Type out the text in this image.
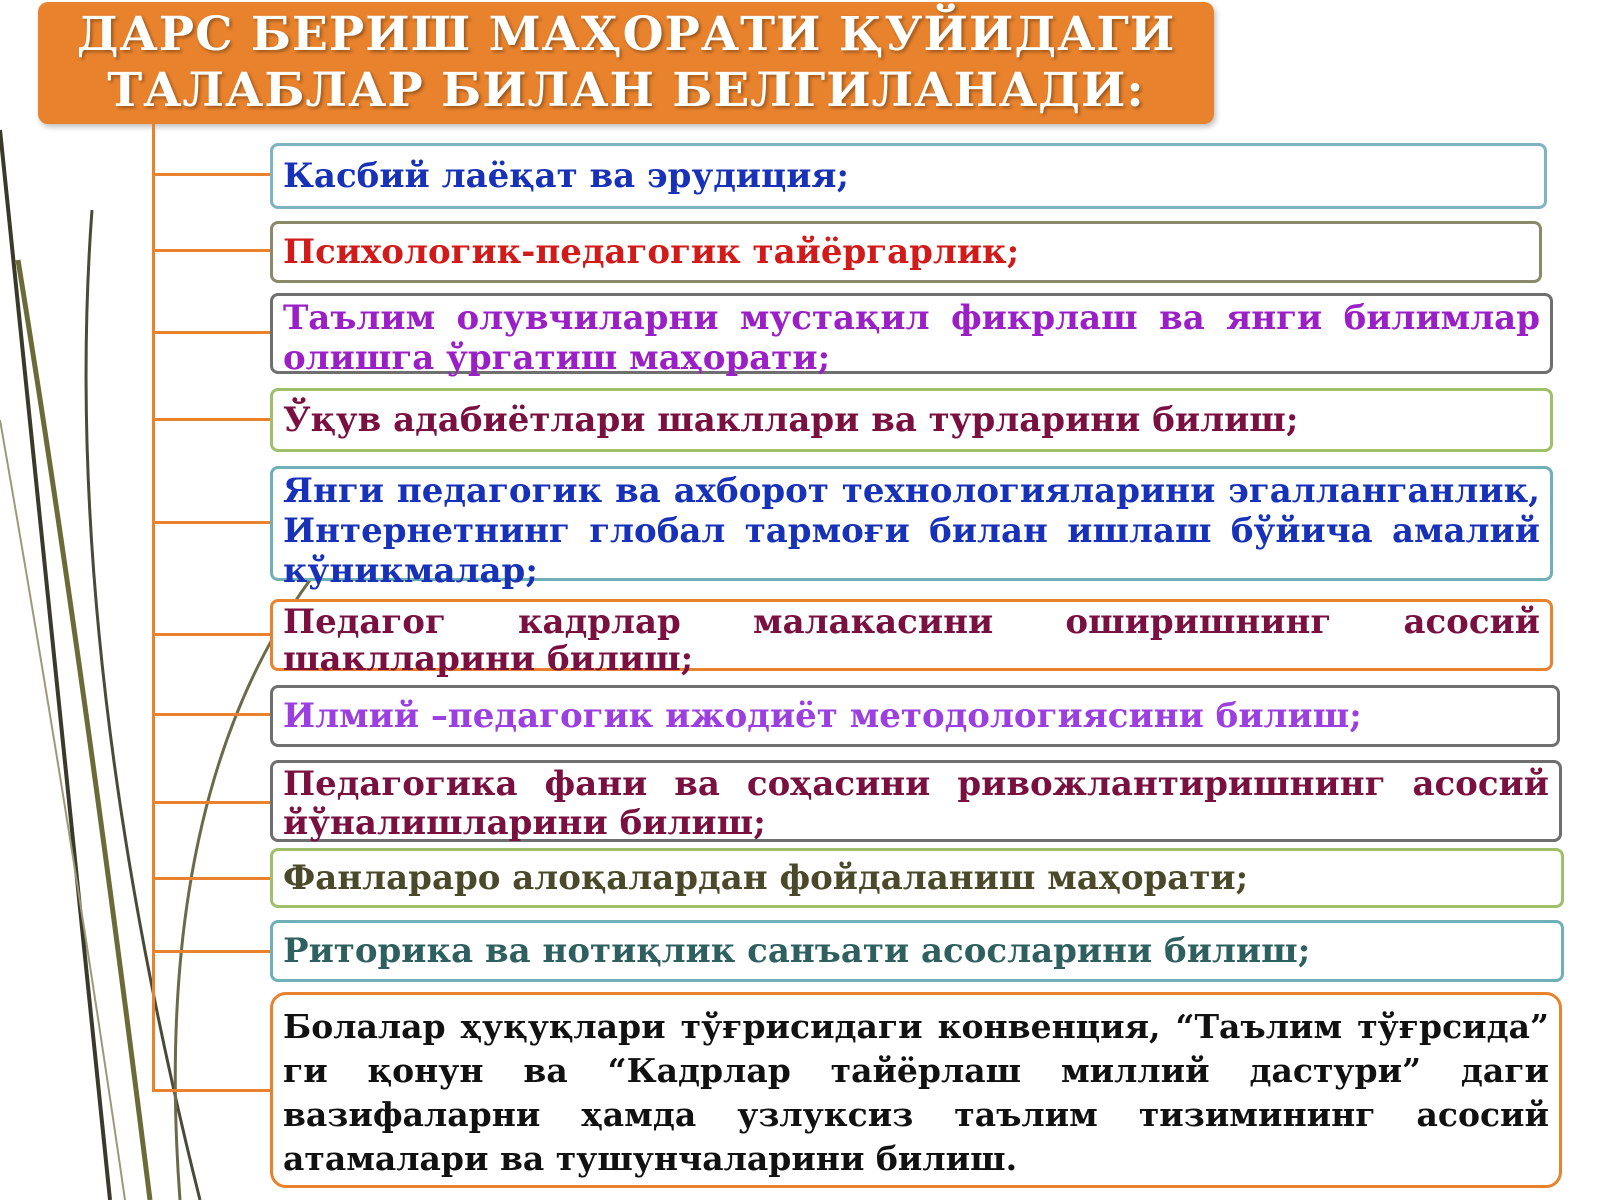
ДАРС БЕРИШ МАҲОРАТИ ҚУЙИДАГИ
ТАЛАБЛАР БИЛАН БЕЛГИЛАНАДИ:
Касбий лаёқат ва эрудиция;
Психологик-педагогик тайёргарлик;
Таълим олувчиларни мустақил фикрлаш ва янги билимлар олишга ўргатиш маҳорати;
Ўқув адабиётлари шакллари ва турларини билиш;
Янги педагогик ва ахборот технологияларини эгалланганлик, Интернетнинг глобал тармоғи билан ишлаш бўйича амалий кўникмалар;
Педагог кадрлар малакасини оширишнинг асосий шаклларини билиш;
Илмий –педагогик ижодиёт методологиясини билиш;
Педагогика фани ва соҳасини ривожлантиришнинг асосий йўналишларини билиш;
Фанлараро алоқалардан фойдаланиш маҳорати;
Риторика ва нотиқлик санъати асосларини билиш;
Болалар ҳуқуқлари тўғрисидаги конвенция, “Таълим тўғрсида” ги қонун ва “Кадрлар тайёрлаш миллий дастури” даги вазифаларни ҳамда узлуксиз таълим тизимининг асосий атамалари ва тушунчаларини билиш.
